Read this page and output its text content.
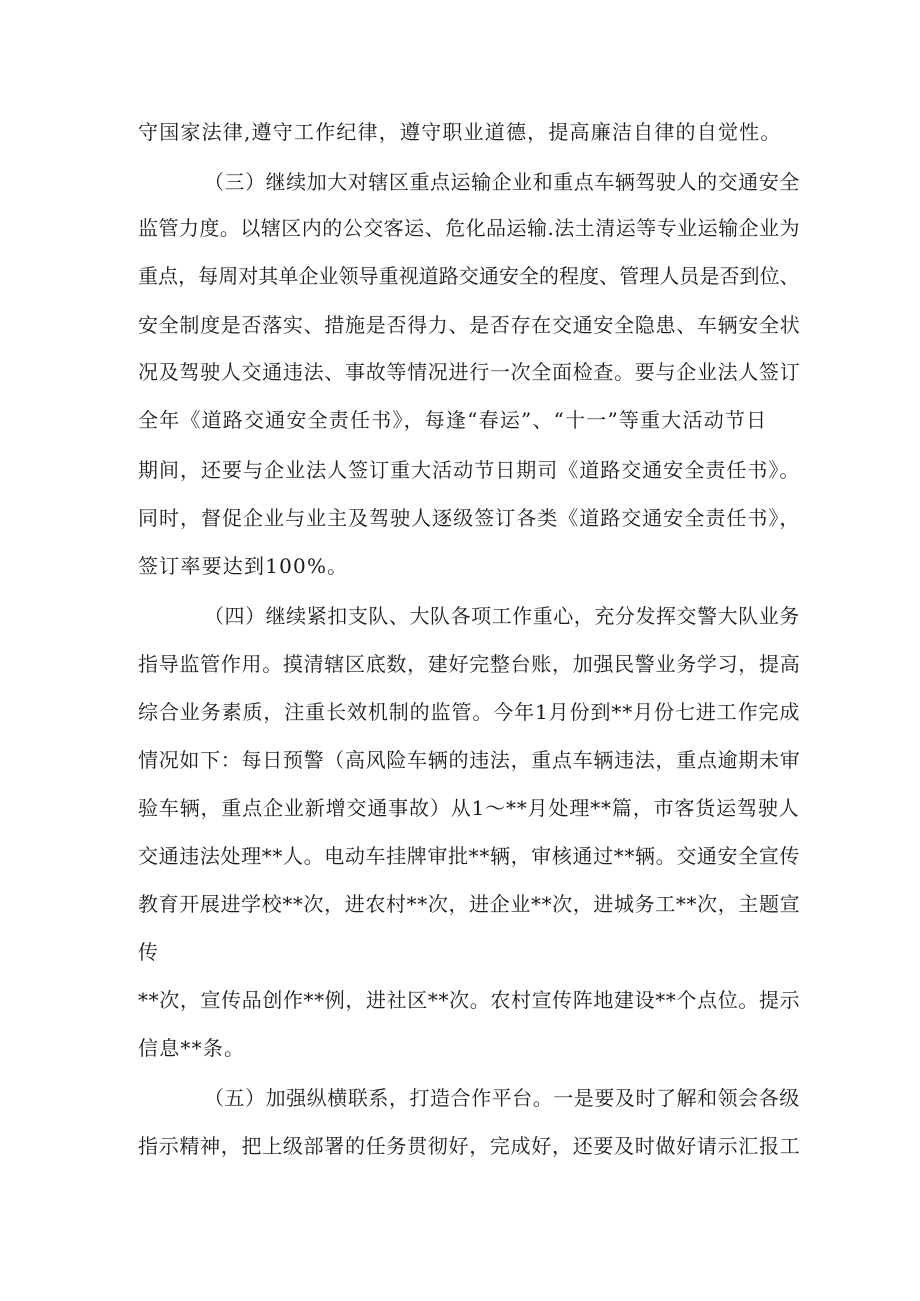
守国家法律,遵守工作纪律，遵守职业道德，提高廉洁自律的自觉性。
（三）继续加大对辖区重点运输企业和重点车辆驾驶人的交通安全
监管力度。以辖区内的公交客运、危化品运输.法土清运等专业运输企业为
重点，每周对其单企业领导重视道路交通安全的程度、管理人员是否到位、
安全制度是否落实、措施是否得力、是否存在交通安全隐患、车辆安全状
况及驾驶人交通违法、事故等情况进行一次全面检查。要与企业法人签订
全年《道路交通安全责任书》，每逢“春运”、“十一”等重大活动节日
期间，还要与企业法人签订重大活动节日期司《道路交通安全责任书》。
同时，督促企业与业主及驾驶人逐级签订各类《道路交通安全责任书》，
签订率要达到100%。
（四）继续紧扣支队、大队各项工作重心，充分发挥交警大队业务
指导监管作用。摸清辖区底数，建好完整台账，加强民警业务学习，提高
综合业务素质，注重长效机制的监管。今年1月份到**月份七进工作完成
情况如下：每日预警（高风险车辆的违法，重点车辆违法，重点逾期未审
验车辆，重点企业新增交通事故）从1～**月处理**篇，市客货运驾驶人
交通违法处理**人。电动车挂牌审批**辆，审核通过**辆。交通安全宣传
教育开展进学校**次，进农村**次，进企业**次，进城务工**次，主题宣
传
**次，宣传品创作**例，进社区**次。农村宣传阵地建设**个点位。提示
信息**条。
（五）加强纵横联系，打造合作平台。一是要及时了解和领会各级
指示精神，把上级部署的任务贯彻好，完成好，还要及时做好请示汇报工
